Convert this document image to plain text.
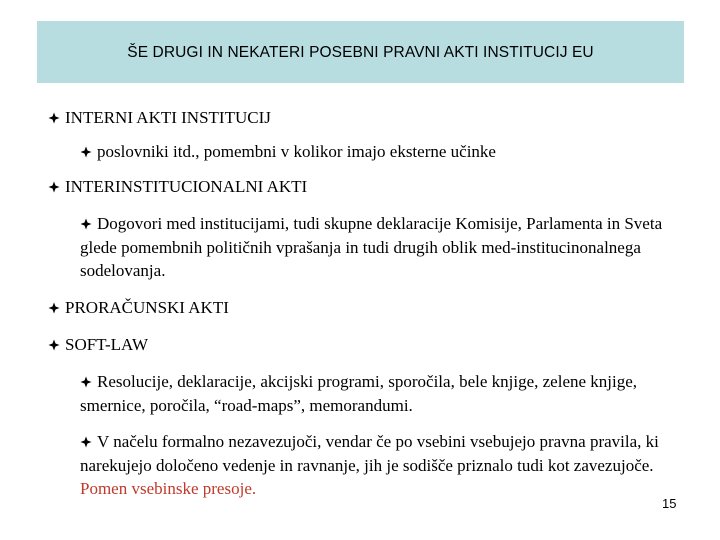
ŠE DRUGI IN NEKATERI POSEBNI PRAVNI AKTI INSTITUCIJ EU
INTERNI AKTI INSTITUCIJ
poslovniki itd., pomembni v kolikor imajo eksterne učinke
INTERINSTITUCIONALNI AKTI
Dogovori med institucijami, tudi skupne deklaracije Komisije, Parlamenta in Sveta glede pomembnih političnih vprašanja in tudi drugih oblik med-institucinonalnega sodelovanja.
PRORAČUNSKI AKTI
SOFT-LAW
Resolucije, deklaracije, akcijski programi, sporočila, bele knjige, zelene knjige, smernice, poročila, “road-maps”, memorandumi.
V načelu formalno nezavezujoči, vendar če po vsebini vsebujejo pravna pravila, ki narekujejo določeno vedenje in ravnanje, jih je sodišče priznalo tudi kot zavezujoče. Pomen vsebinske presoje.
15
